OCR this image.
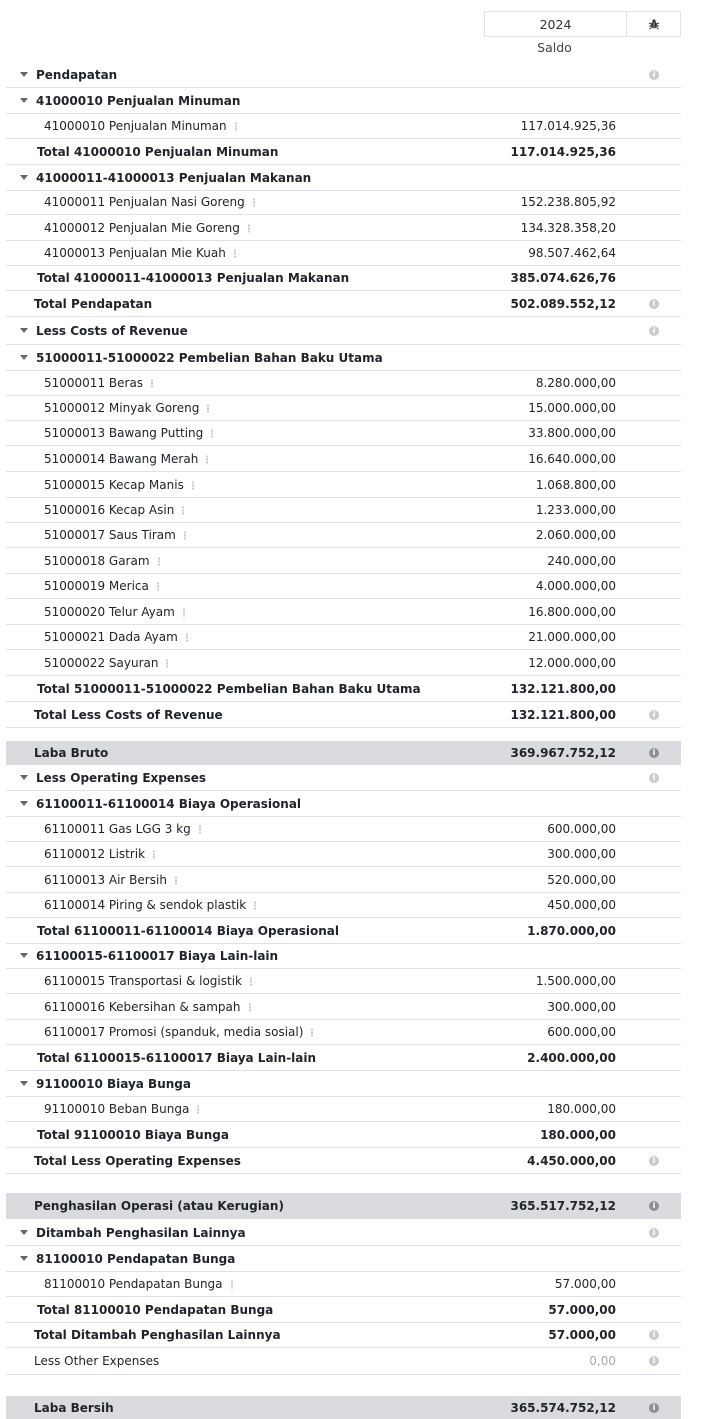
2024
Saldo
Pendapatan	i
41000010 Penjualan Minuman
41000010 Penjualan Minuman	117.014.925,36
Total 41000010 Penjualan Minuman	117.014.925,36
41000011-41000013 Penjualan Makanan
41000011 Penjualan Nasi Goreng	152.238.805,92
41000012 Penjualan Mie Goreng	134.328.358,20
41000013 Penjualan Mie Kuah	98.507.462,64
Total 41000011-41000013 Penjualan Makanan	385.074.626,76
Total Pendapatan	502.089.552,12	i
Less Costs of Revenue	i
51000011-51000022 Pembelian Bahan Baku Utama
51000011 Beras	8.280.000,00
51000012 Minyak Goreng	15.000.000,00
51000013 Bawang Putting	33.800.000,00
51000014 Bawang Merah	16.640.000,00
51000015 Kecap Manis	1.068.800,00
51000016 Kecap Asin	1.233.000,00
51000017 Saus Tiram	2.060.000,00
51000018 Garam	240.000,00
51000019 Merica	4.000.000,00
51000020 Telur Ayam	16.800.000,00
51000021 Dada Ayam	21.000.000,00
51000022 Sayuran	12.000.000,00
Total 51000011-51000022 Pembelian Bahan Baku Utama	132.121.800,00
Total Less Costs of Revenue	132.121.800,00	i
Laba Bruto	369.967.752,12	i
Less Operating Expenses	i
61100011-61100014 Biaya Operasional
61100011 Gas LGG 3 kg	600.000,00
61100012 Listrik	300.000,00
61100013 Air Bersih	520.000,00
61100014 Piring & sendok plastik	450.000,00
Total 61100011-61100014 Biaya Operasional	1.870.000,00
61100015-61100017 Biaya Lain-lain
61100015 Transportasi & logistik	1.500.000,00
61100016 Kebersihan & sampah	300.000,00
61100017 Promosi (spanduk, media sosial)	600.000,00
Total 61100015-61100017 Biaya Lain-lain	2.400.000,00
91100010 Biaya Bunga
91100010 Beban Bunga	180.000,00
Total 91100010 Biaya Bunga	180.000,00
Total Less Operating Expenses	4.450.000,00	i
Penghasilan Operasi (atau Kerugian)	365.517.752,12	i
Ditambah Penghasilan Lainnya	i
81100010 Pendapatan Bunga
81100010 Pendapatan Bunga	57.000,00
Total 81100010 Pendapatan Bunga	57.000,00
Total Ditambah Penghasilan Lainnya	57.000,00	i
Less Other Expenses	0,00	i
Laba Bersih	365.574.752,12	i
